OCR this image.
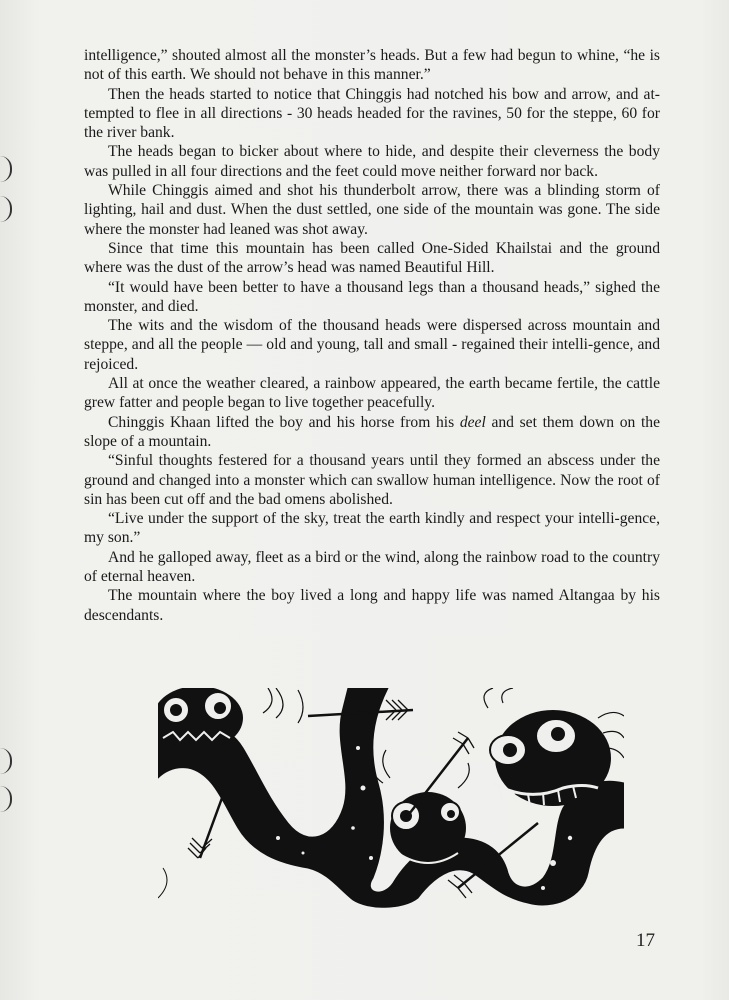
intelligence,” shouted almost all the monster’s heads. But a few had begun to whine, “he is not of this earth. We should not behave in this manner.”

Then the heads started to notice that Chinggis had notched his bow and arrow, and at-tempted to flee in all directions - 30 heads headed for the ravines, 50 for the steppe, 60 for the river bank.

The heads began to bicker about where to hide, and despite their cleverness the body was pulled in all four directions and the feet could move neither forward nor back.

While Chinggis aimed and shot his thunderbolt arrow, there was a blinding storm of lighting, hail and dust. When the dust settled, one side of the mountain was gone. The side where the monster had leaned was shot away.

Since that time this mountain has been called One-Sided Khailstai and the ground where was the dust of the arrow’s head was named Beautiful Hill.

“It would have been better to have a thousand legs than a thousand heads,” sighed the monster, and died.

The wits and the wisdom of the thousand heads were dispersed across mountain and steppe, and all the people — old and young, tall and small - regained their intelli-gence, and rejoiced.

All at once the weather cleared, a rainbow appeared, the earth became fertile, the cattle grew fatter and people began to live together peacefully.

Chinggis Khaan lifted the boy and his horse from his deel and set them down on the slope of a mountain.

“Sinful thoughts festered for a thousand years until they formed an abscess under the ground and changed into a monster which can swallow human intelligence. Now the root of sin has been cut off and the bad omens abolished.

“Live under the support of the sky, treat the earth kindly and respect your intelli-gence, my son.”

And he galloped away, fleet as a bird or the wind, along the rainbow road to the country of eternal heaven.

The mountain where the boy lived a long and happy life was named Altangaa by his descendants.

17
